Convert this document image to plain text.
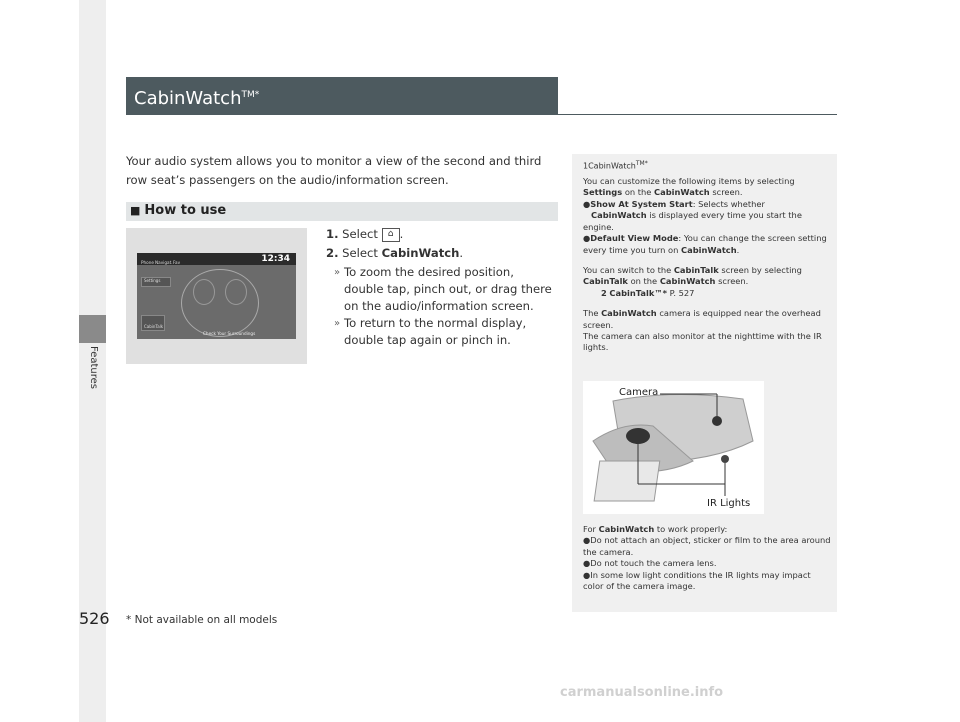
Features
CabinWatch$^{TM*}$
Your audio system allows you to monitor a view of the second and third row seat’s passengers on the audio/information screen.
■ How to use
Phone Navigat. Fav	12:34
Settings
CabinTalk
Check Your Surroundings
1. Select ⌂ .
2. Select CabinWatch.
» To zoom the desired position, double tap, pinch out, or drag there on the audio/information screen.
» To return to the normal display, double tap again or pinch in.
1CabinWatch$^{TM*}$
You can customize the following items by selecting Settings on the CabinWatch screen.
●Show At System Start: Selects whether
CabinWatch is displayed every time you start the engine.
●Default View Mode: You can change the screen setting every time you turn on CabinWatch.
You can switch to the CabinTalk screen by selecting CabinTalk on the CabinWatch screen.
2 CabinTalk™* P. 527
The CabinWatch camera is equipped near the overhead screen.
The camera can also monitor at the nighttime with the IR lights.
Camera
IR Lights
For CabinWatch to work properly:
●Do not attach an object, sticker or film to the area around the camera.
●Do not touch the camera lens.
●In some low light conditions the IR lights may impact color of the camera image.
526 * Not available on all models
carmanualsonline.info
